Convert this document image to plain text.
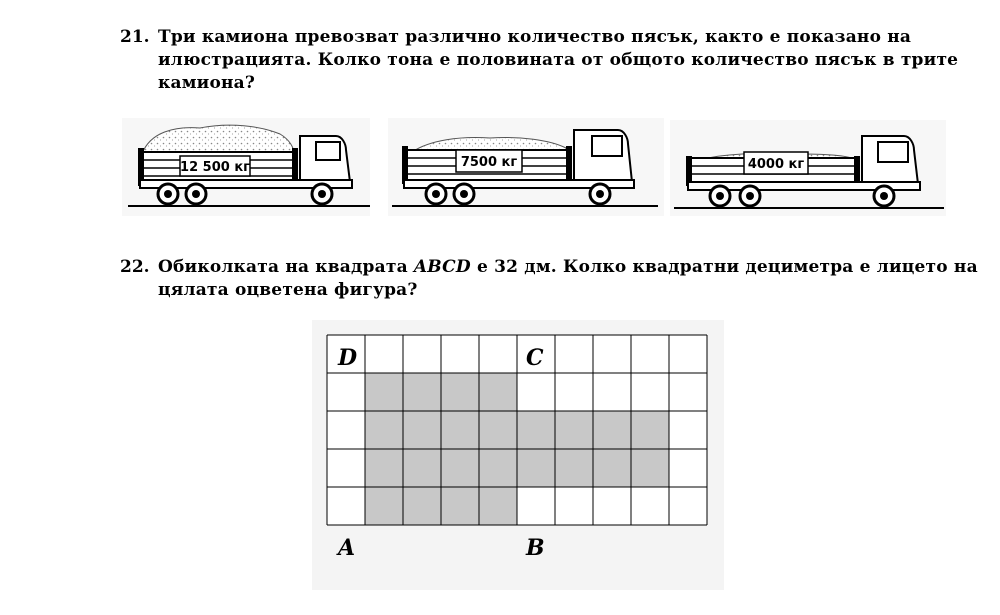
21. Три камиона превозват различно количество пясък, както е показано на
илюстрацията. Колко тона е половината от общото количество пясък в трите
камиона?
12 500 кг	7500 кг	4000 кг
22. Обиколката на квадрата ABCD е 32 дм. Колко квадратни дециметра е лицето на
цялата оцветена фигура?
D	C
A	B
